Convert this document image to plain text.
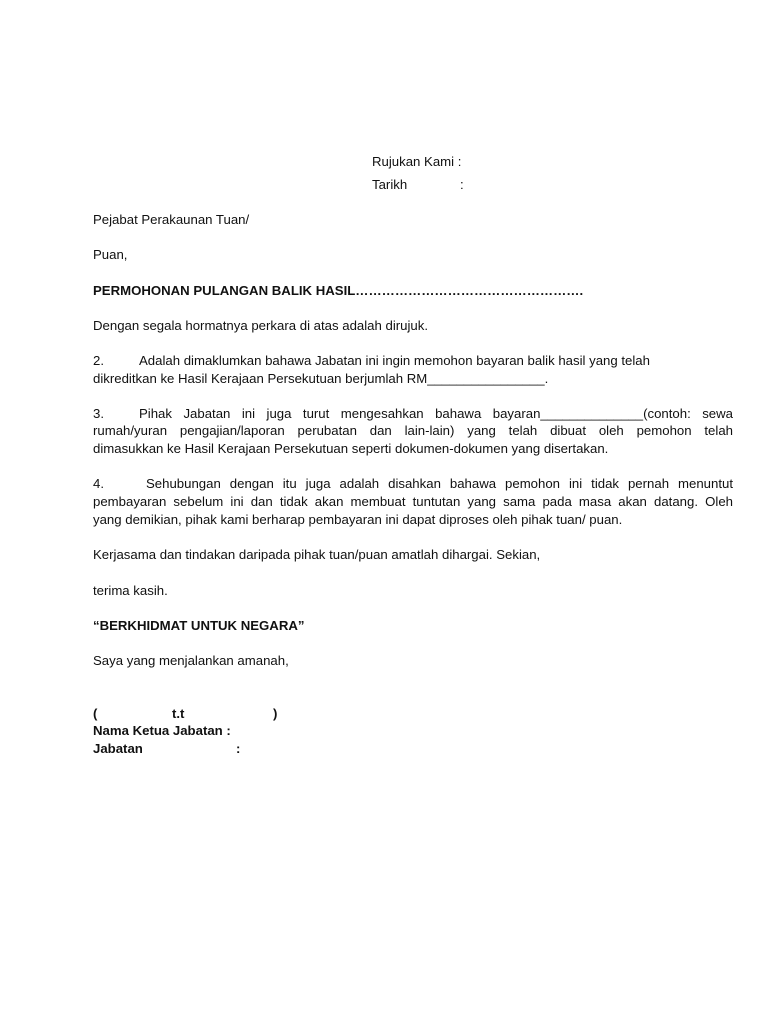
Rujukan Kami :
Tarikh	:
Pejabat Perakaunan Tuan/
Puan,
PERMOHONAN PULANGAN BALIK HASIL…………………………………………….
Dengan segala hormatnya perkara di atas adalah dirujuk.
2.	Adalah dimaklumkan bahawa Jabatan ini ingin memohon bayaran balik hasil yang telah
dikreditkan ke Hasil Kerajaan Persekutuan berjumlah RM________________.
3.	Pihak Jabatan ini juga turut mengesahkan bahawa bayaran______________(contoh: sewa
rumah/yuran pengajian/laporan perubatan dan lain-lain) yang telah dibuat oleh pemohon telah
dimasukkan ke Hasil Kerajaan Persekutuan seperti dokumen-dokumen yang disertakan.
4.	Sehubungan dengan itu juga adalah disahkan bahawa pemohon ini tidak pernah menuntut
pembayaran sebelum ini dan tidak akan membuat tuntutan yang sama pada masa akan datang. Oleh
yang demikian, pihak kami berharap pembayaran ini dapat diproses oleh pihak tuan/ puan.
Kerjasama dan tindakan daripada pihak tuan/puan amatlah dihargai. Sekian,
terima kasih.
“BERKHIDMAT UNTUK NEGARA”
Saya yang menjalankan amanah,
(	t.t	)
Nama Ketua Jabatan :
Jabatan	:
